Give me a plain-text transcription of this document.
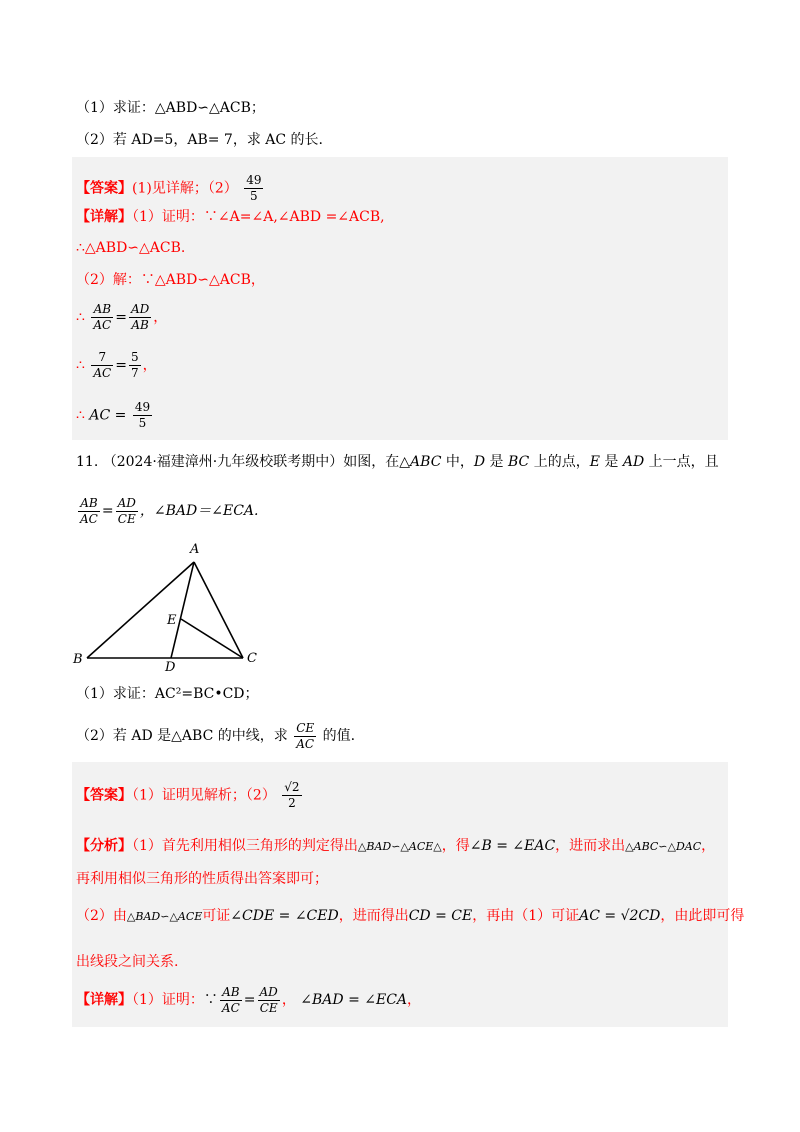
（1）求证：△ABD∽△ACB；
（2）若 AD=5，AB= 7，求 AC 的长.
【答案】(1)见详解；$(2) \frac{49}{5}$
【详解】（1）证明：∵∠A=∠A,∠ABD =∠ACB,
∴△ABD∽△ACB.
（2）解：∵△ABD∽△ACB，
∴ $\frac{AB}{AC} = \frac{AD}{AB}$ ，
∴ $\frac{7}{AC} = \frac{5}{7}$ ，
∴ AC = $\frac{49}{5}$
11. （2024·福建漳州·九年级校联考期中）如图，在△ABC 中，D 是 BC 上的点，E 是 AD 上一点，且
$\frac{AB}{AC} = \frac{AD}{CE}$ ，∠BAD＝∠ECA.
A
B	C
D
E
（1）求证：AC²=BC•CD；
（2）若 AD 是△ABC 的中线，求 $\frac{CE}{AC}$ 的值.
【答案】（1）证明见解析；$(2) \frac{√2}{2}$
【分析】（1）首先利用相似三角形的判定得出△BAD∽△ACE△，得∠B = ∠EAC，进而求出△ABC∽△DAC，
再利用相似三角形的性质得出答案即可；
（2）由△BAD∽△ACE可证∠CDE = ∠CED，进而得出CD = CE，再由（1）可证AC = √2CD，由此即可得
出线段之间关系.
【详解】（1）证明：∵ $\frac{AB}{AC} = \frac{AD}{CE}$ ， ∠BAD = ∠ECA，
